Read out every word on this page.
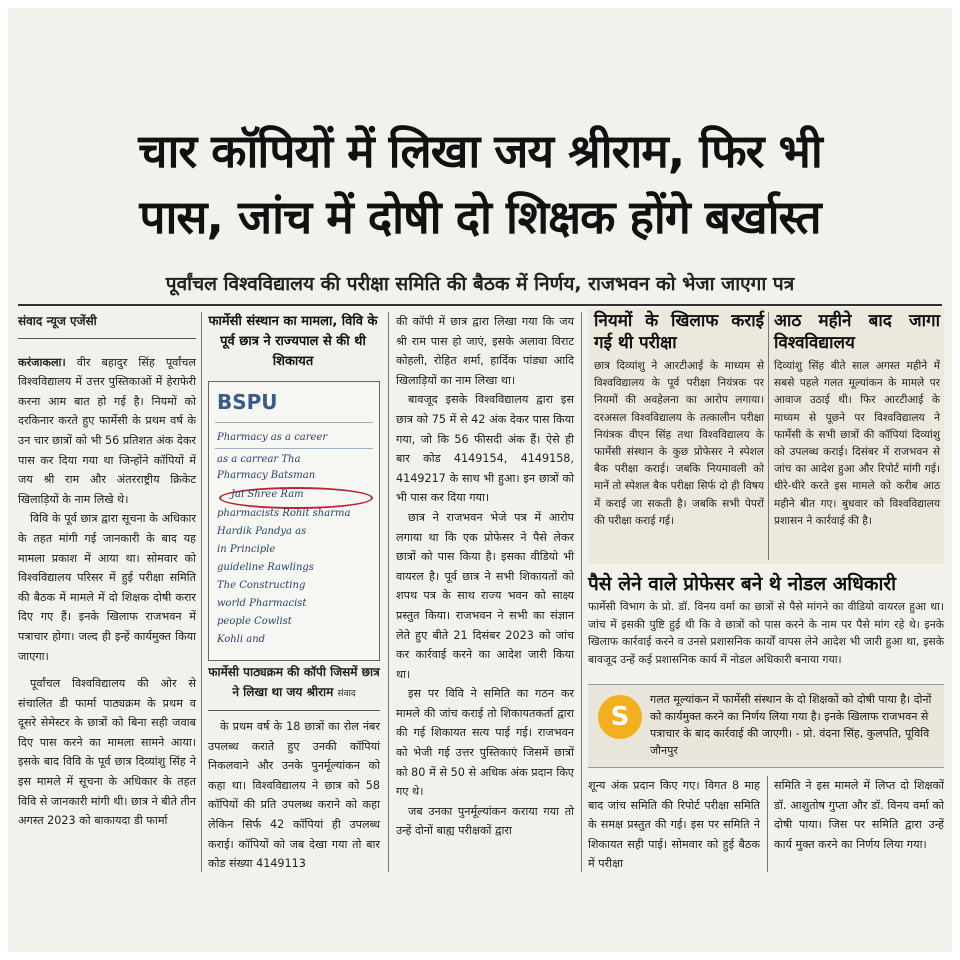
चार कॉपियों में लिखा जय श्रीराम, फिर भी
पास, जांच में दोषी दो शिक्षक होंगे बर्खास्त
पूर्वांचल विश्वविद्यालय की परीक्षा समिति की बैठक में निर्णय, राजभवन को भेजा जाएगा पत्र
संवाद न्यूज एजेंसी

करंजाकला। वीर बहादुर सिंह पूर्वांचल विश्वविद्यालय में उत्तर पुस्तिकाओं में हेराफेरी करना आम बात हो गई है। नियमों को दरकिनार करते हुए फार्मेसी के प्रथम वर्ष के उन चार छात्रों को भी 56 प्रतिशत अंक देकर पास कर दिया गया था जिन्होंने कॉपियों में जय श्री राम और अंतरराष्ट्रीय क्रिकेट खिलाड़ियों के नाम लिखे थे।

विवि के पूर्व छात्र द्वारा सूचना के अधिकार के तहत मांगी गई जानकारी के बाद यह मामला प्रकाश में आया था। सोमवार को विश्वविद्यालय परिसर में हुई परीक्षा समिति की बैठक में मामले में दो शिक्षक दोषी करार दिए गए हैं। इनके खिलाफ राजभवन में पत्राचार होगा। जल्द ही इन्हें कार्यमुक्त किया जाएगा।

पूर्वांचल विश्वविद्यालय की ओर से संचालित डी फार्मा पाठ्यक्रम के प्रथम व दूसरे सेमेस्टर के छात्रों को बिना सही जवाब दिए पास करने का मामला सामने आया। इसके बाद विवि के पूर्व छात्र दिव्यांशु सिंह ने इस मामले में सूचना के अधिकार के तहत विवि से जानकारी मांगी थी। छात्र ने बीते तीन अगस्त 2023 को बाकायदा डी फार्मा

फार्मेसी संस्थान का मामला, विवि के पूर्व छात्र ने राज्यपाल से की थी शिकायत
BSPU
Pharmacy as a career
as a carrear Tha
Pharmacy Batsman
Jai Shree Ram
pharmacists Rohit sharma
Hardik Pandya as
in Principle
guideline Rawlings
The Constructing
world Pharmacist
people Cowlist
Kohli and
फार्मेसी पाठ्यक्रम की कॉपी जिसमें छात्र ने लिखा था जय श्रीराम संवाद

के प्रथम वर्ष के 18 छात्रों का रोल नंबर उपलब्ध कराते हुए उनकी कॉपियां निकलवाने और उनके पुनर्मूल्यांकन को कहा था। विश्वविद्यालय ने छात्र को 58 कॉपियों की प्रति उपलब्ध कराने को कहा लेकिन सिर्फ 42 कॉपियां ही उपलब्ध कराई। कॉपियों को जब देखा गया तो बार कोड संख्या 4149113

की कॉपी में छात्र द्वारा लिखा गया कि जय श्री राम पास हो जाएं, इसके अलावा विराट कोहली, रोहित शर्मा, हार्दिक पांड्या आदि खिलाड़ियों का नाम लिखा था।

बावजूद इसके विश्वविद्यालय द्वारा इस छात्र को 75 में से 42 अंक देकर पास किया गया, जो कि 56 फीसदी अंक हैं। ऐसे ही बार कोड 4149154, 4149158, 4149217 के साथ भी हुआ। इन छात्रों को भी पास कर दिया गया।

छात्र ने राजभवन भेजे पत्र में आरोप लगाया था कि एक प्रोफेसर ने पैसे लेकर छात्रों को पास किया है। इसका वीडियो भी वायरल है। पूर्व छात्र ने सभी शिकायतों को शपथ पत्र के साथ राज्य भवन को साक्ष्य प्रस्तुत किया। राजभवन ने सभी का संज्ञान लेते हुए बीते 21 दिसंबर 2023 को जांच कर कार्रवाई करने का आदेश जारी किया था।

इस पर विवि ने समिति का गठन कर मामले की जांच कराई तो शिकायतकर्ता द्वारा की गई शिकायत सत्य पाई गई। राजभवन को भेजी गई उत्तर पुस्तिकाएं जिसमें छात्रों को 80 में से 50 से अधिक अंक प्रदान किए गए थे।

जब उनका पुनर्मूल्यांकन कराया गया तो उन्हें दोनों बाह्य परीक्षकों द्वारा

नियमों के खिलाफ कराई गई थी परीक्षा

छात्र दिव्यांशु ने आरटीआई के माध्यम से विश्वविद्यालय के पूर्व परीक्षा नियंत्रक पर नियमों की अवहेलना का आरोप लगाया। दरअसल विश्वविद्यालय के तत्कालीन परीक्षा नियंत्रक वीएन सिंह तथा विश्वविद्यालय के फार्मेसी संस्थान के कुछ प्रोफेसर ने स्पेशल बैक परीक्षा कराई। जबकि नियमावली को मानें तो स्पेशल बैक परीक्षा सिर्फ दो ही विषय में कराई जा सकती है। जबकि सभी पेपरों की परीक्षा कराई गई।

आठ महीने बाद जागा विश्वविद्यालय

दिव्यांशु सिंह बीते साल अगस्त महीने में सबसे पहले गलत मूल्यांकन के मामले पर आवाज उठाई थी। फिर आरटीआई के माध्यम से पूछने पर विश्वविद्यालय ने फार्मेसी के सभी छात्रों की कॉपियां दिव्यांशु को उपलब्ध कराई। दिसंबर में राजभवन से जांच का आदेश हुआ और रिपोर्ट मांगी गई। धीरे-धीरे करते इस मामले को करीब आठ महीने बीत गए। बुधवार को विश्वविद्यालय प्रशासन ने कार्रवाई की है।

पैसे लेने वाले प्रोफेसर बने थे नोडल अधिकारी

फार्मेसी विभाग के प्रो. डॉ. विनय वर्मा का छात्रों से पैसे मांगने का वीडियो वायरल हुआ था। जांच में इसकी पुष्टि हुई थी कि वे छात्रों को पास करने के नाम पर पैसे मांग रहे थे। इनके खिलाफ कार्रवाई करने व उनसे प्रशासनिक कार्यों वापस लेने आदेश भी जारी हुआ था, इसके बावजूद उन्हें कई प्रशासनिक कार्य में नोडल अधिकारी बनाया गया।

S
गलत मूल्यांकन में फार्मेसी संस्थान के दो शिक्षकों को दोषी पाया है। दोनों को कार्यमुक्त करने का निर्णय लिया गया है। इनके खिलाफ राजभवन से पत्राचार के बाद कार्रवाई की जाएगी। - प्रो. वंदना सिंह, कुलपति, पूविवि जौनपुर

शून्य अंक प्रदान किए गए। विगत 8 माह बाद जांच समिति की रिपोर्ट परीक्षा समिति के समक्ष प्रस्तुत की गई। इस पर समिति ने शिकायत सही पाई। सोमवार को हुई बैठक में परीक्षा

समिति ने इस मामले में लिप्त दो शिक्षकों डॉ. आशुतोष गुप्ता और डॉ. विनय वर्मा को दोषी पाया। जिस पर समिति द्वारा उन्हें कार्य मुक्त करने का निर्णय लिया गया।
